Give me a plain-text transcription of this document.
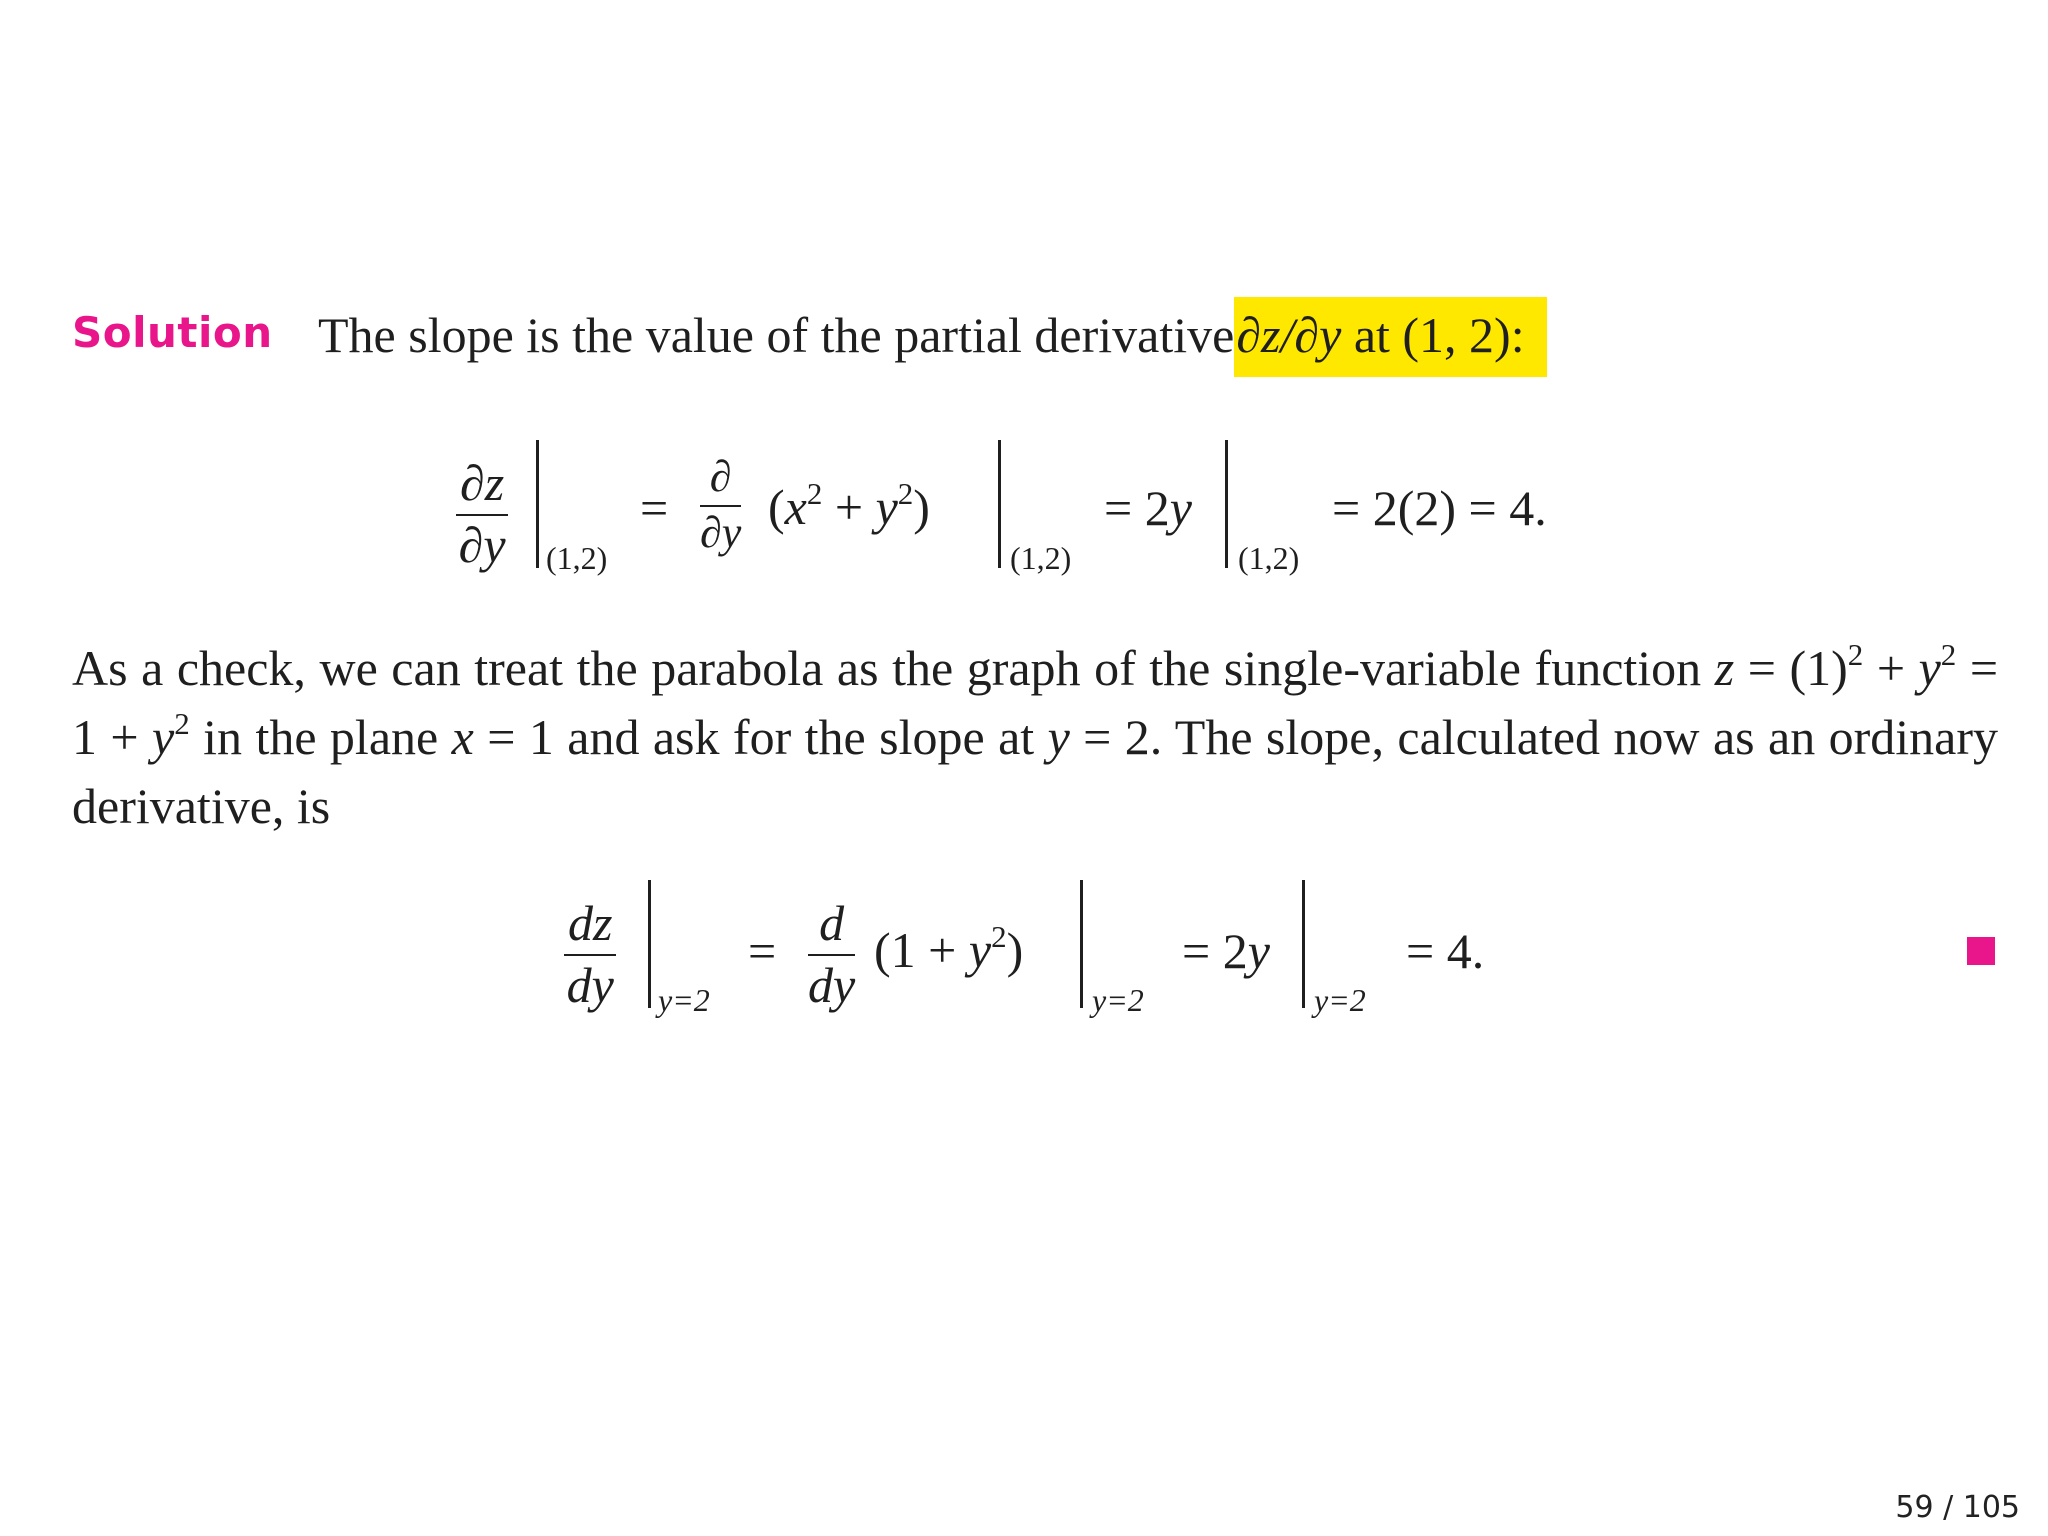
Solution The slope is the value of the partial derivative∂z/∂y at (1, 2):
$\frac{\partial z}{\partial y} (1,2)$
=
∂
∂y $(x^2 + y^2)$
(1,2)
= 2y
(1,2)
= 2(2) = 4.
As a check, we can treat the parabola as the graph of the single-variable function $z = (1)^2 + y^2 = 1 + y^2$ in the plane x = 1 and ask for the slope at y = 2. The slope, calculated now as an ordinary derivative, is
$\frac{dz}{dy} y=2$
= $\frac{d}{dy} (1 + y^2)$
y=2
= 2y
y=2
= 4.
59 / 105
